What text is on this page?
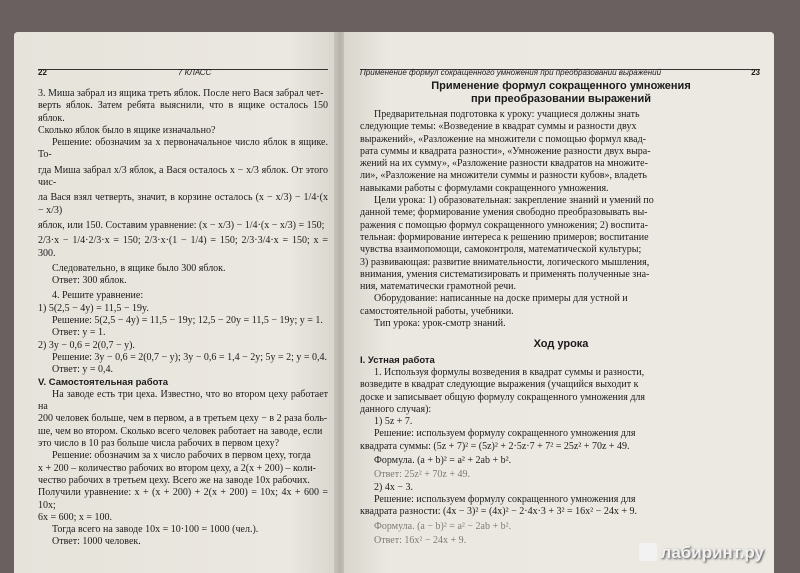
22	7 КЛАСС

3. Миша забрал из ящика треть яблок. После него Вася забрал чет-

верть яблок. Затем ребята выяснили, что в ящике осталось 150 яблок.

Сколько яблок было в ящике изначально?

Решение: обозначим за x первоначальное число яблок в ящике. То-

гда Миша забрал x/3 яблок, а Вася осталось x − x/3 яблок. От этого чис-

ла Вася взял четверть, значит, в корзине осталось (x − x/3) − 1/4·(x − x/3)

яблок, или 150. Составим уравнение: (x − x/3) − 1/4·(x − x/3) = 150;

2/3·x − 1/4·2/3·x = 150; 2/3·x·(1 − 1/4) = 150; 2/3·3/4·x = 150; x = 300.

Следовательно, в ящике было 300 яблок.

Ответ: 300 яблок.

4. Решите уравнение:

1) 5(2,5 − 4y) = 11,5 − 19y.

Решение: 5(2,5 − 4y) = 11,5 − 19y; 12,5 − 20y = 11,5 − 19y; y = 1.

Ответ: y = 1.

2) 3y − 0,6 = 2(0,7 − y).

Решение: 3y − 0,6 = 2(0,7 − y); 3y − 0,6 = 1,4 − 2y; 5y = 2; y = 0,4.

Ответ: y = 0,4.

V. Самостоятельная работа

На заводе есть три цеха. Известно, что во втором цеху работает на

200 человек больше, чем в первом, а в третьем цеху − в 2 раза боль-

ше, чем во втором. Сколько всего человек работает на заводе, если

это число в 10 раз больше числа рабочих в первом цеху?

Решение: обозначим за x число рабочих в первом цеху, тогда

x + 200 – количество рабочих во втором цеху, а 2(x + 200) – коли-

чество рабочих в третьем цеху. Всего же на заводе 10x рабочих.

Получили уравнение: x + (x + 200) + 2(x + 200) = 10x; 4x + 600 = 10x;

6x = 600; x = 100.

Тогда всего на заводе 10x = 10·100 = 1000 (чел.).

Ответ: 1000 человек.

Применение формул сокращенного умножения при преобразовании выражений	23
Применение формул сокращенного умножения
при преобразовании выражений

Предварительная подготовка к уроку: учащиеся должны знать

следующие темы: «Возведение в квадрат суммы и разности двух

выражений», «Разложение на множители с помощью формул квад-

рата суммы и квадрата разности», «Умножение разности двух выра-

жений на их сумму», «Разложение разности квадратов на множите-

ли», «Разложение на множители суммы и разности кубов», владеть

навыками работы с формулами сокращенного умножения.

Цели урока: 1) образовательная: закрепление знаний и умений по

данной теме; формирование умения свободно преобразовывать вы-

ражения с помощью формул сокращенного умножения; 2) воспита-

тельная: формирование интереса к решению примеров; воспитание

чувства взаимопомощи, самоконтроля, математической культуры;

3) развивающая: развитие внимательности, логического мышления,

внимания, умения систематизировать и применять полученные зна-

ния, математически грамотной речи.

Оборудование: написанные на доске примеры для устной и

самостоятельной работы, учебники.

Тип урока: урок-смотр знаний.

Ход урока

I. Устная работа

1. Используя формулы возведения в квадрат суммы и разности,

возведите в квадрат следующие выражения (учащийся выходит к

доске и записывает общую формулу сокращенного умножения для

данного случая):

1) 5z + 7.

Решение: используем формулу сокращенного умножения для

квадрата суммы: (5z + 7)² = (5z)² + 2·5z·7 + 7² = 25z² + 70z + 49.

Формула. (a + b)² = a² + 2ab + b².

Ответ: 25z² + 70z + 49.

2) 4x − 3.

Решение: используем формулу сокращенного умножения для

квадрата разности: (4x − 3)² = (4x)² − 2·4x·3 + 3² = 16x² − 24x + 9.

Формула. (a − b)² = a² − 2ab + b².

Ответ: 16x² − 24x + 9.

лабиринт.ру
